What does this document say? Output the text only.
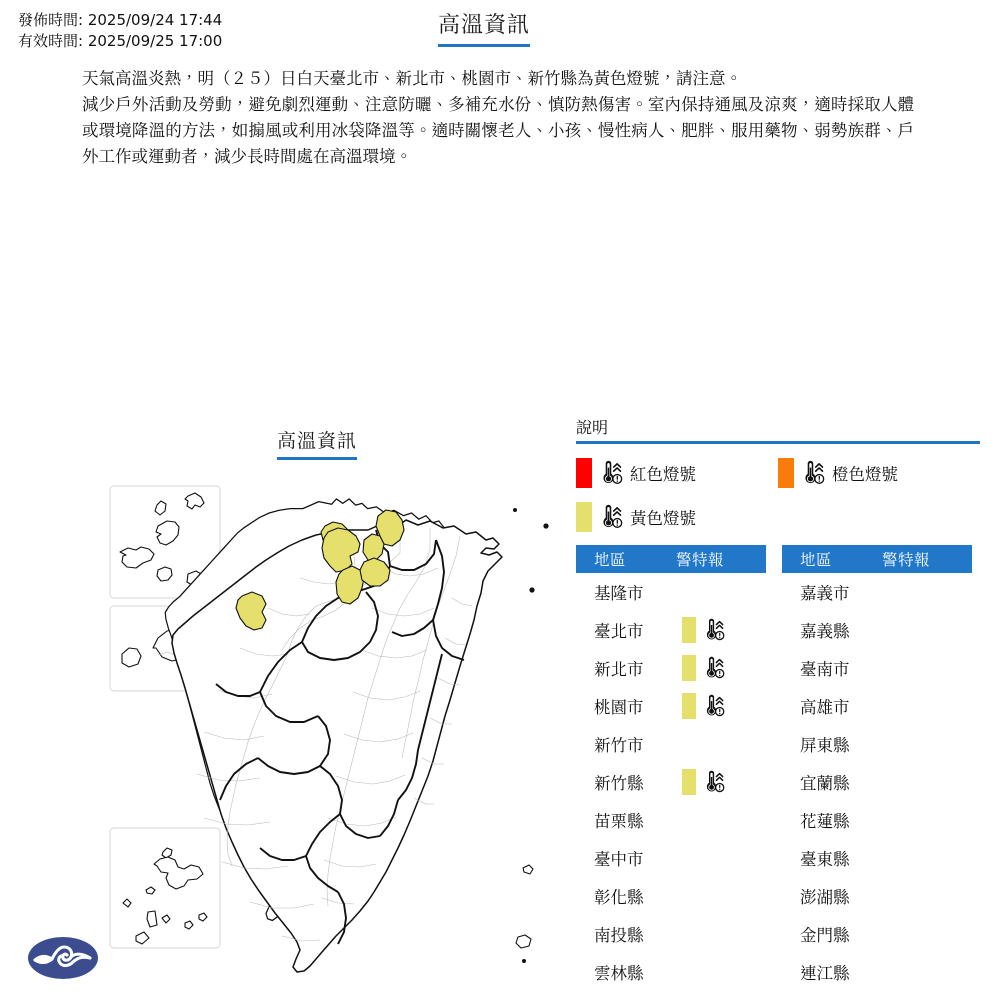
發佈時間: 2025/09/24 17:44
有效時間: 2025/09/25 17:00
高溫資訊

天氣高溫炎熱，明（２５）日白天臺北市、新北市、桃園市、新竹縣為黃色燈號，請注意。

減少戶外活動及勞動，避免劇烈運動、注意防曬、多補充水份、慎防熱傷害。室內保持通風及涼爽，適時採取人體或環境降溫的方法，如搧風或利用冰袋降溫等。適時關懷老人、小孩、慢性病人、肥胖、服用藥物、弱勢族群、戶外工作或運動者，減少長時間處在高溫環境。

高溫資訊
說明
紅色燈號	橙色燈號
黃色燈號
地區	警特報
基隆市
臺北市
新北市
桃園市
新竹市
新竹縣
苗栗縣
臺中市
彰化縣
南投縣
雲林縣
地區	警特報
嘉義市
嘉義縣
臺南市
高雄市
屏東縣
宜蘭縣
花蓮縣
臺東縣
澎湖縣
金門縣
連江縣
